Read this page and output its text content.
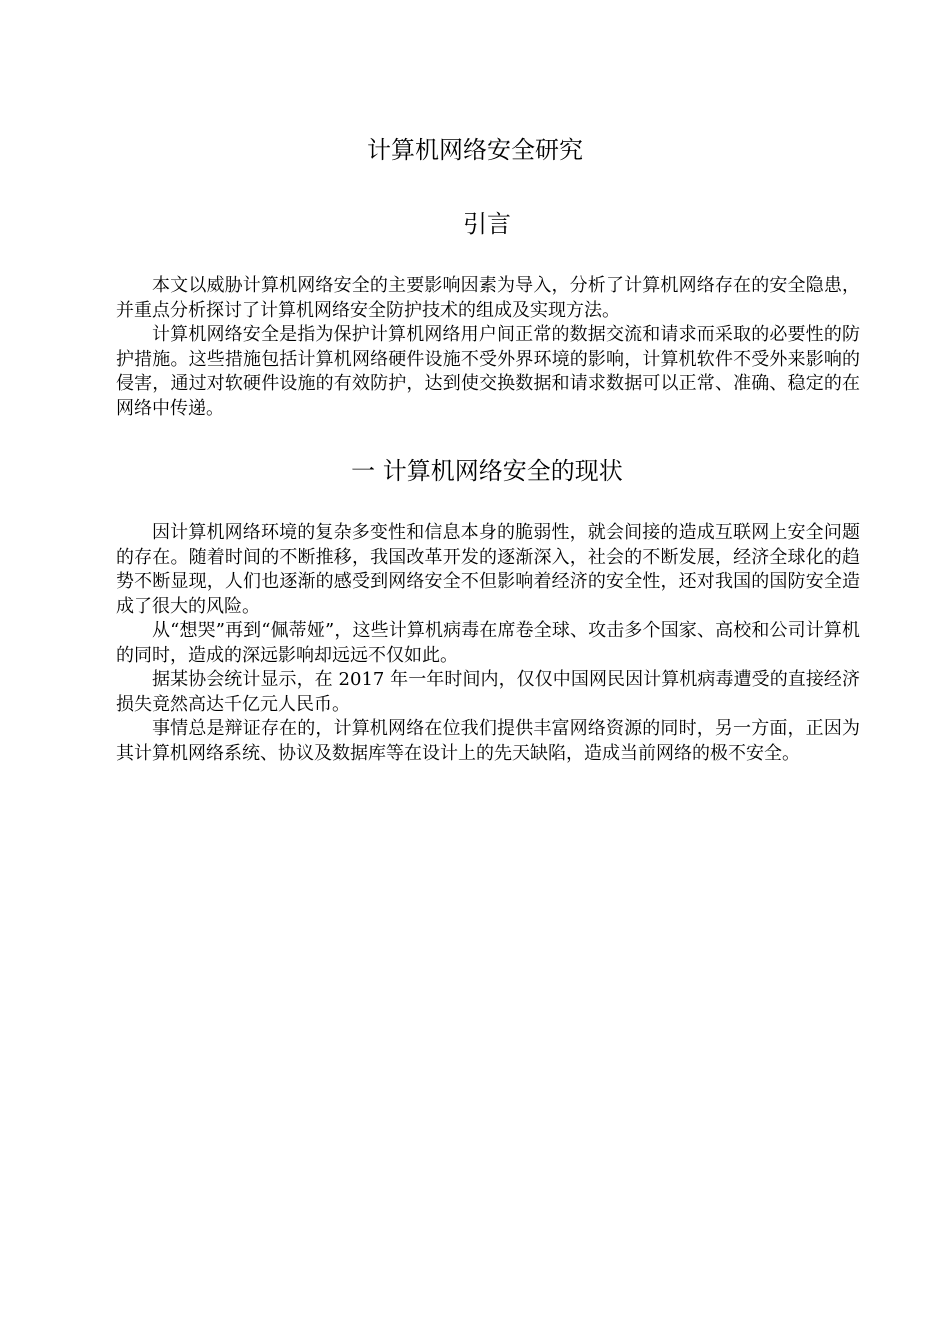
计算机网络安全研究
引言

本文以威胁计算机网络安全的主要影响因素为导入，分析了计算机网络存在的安全隐患，并重点分析探讨了计算机网络安全防护技术的组成及实现方法。

计算机网络安全是指为保护计算机网络用户间正常的数据交流和请求而采取的必要性的防护措施。这些措施包括计算机网络硬件设施不受外界环境的影响，计算机软件不受外来影响的侵害，通过对软硬件设施的有效防护，达到使交换数据和请求数据可以正常、准确、稳定的在网络中传递。

一 计算机网络安全的现状

因计算机网络环境的复杂多变性和信息本身的脆弱性，就会间接的造成互联网上安全问题的存在。随着时间的不断推移，我国改革开发的逐渐深入，社会的不断发展，经济全球化的趋势不断显现，人们也逐渐的感受到网络安全不但影响着经济的安全性，还对我国的国防安全造成了很大的风险。

从“想哭”再到“佩蒂娅”，这些计算机病毒在席卷全球、攻击多个国家、高校和公司计算机的同时，造成的深远影响却远远不仅如此。

据某协会统计显示，在 2017 年一年时间内，仅仅中国网民因计算机病毒遭受的直接经济损失竟然高达千亿元人民币。

事情总是辩证存在的，计算机网络在位我们提供丰富网络资源的同时，另一方面，正因为其计算机网络系统、协议及数据库等在设计上的先天缺陷，造成当前网络的极不安全。
